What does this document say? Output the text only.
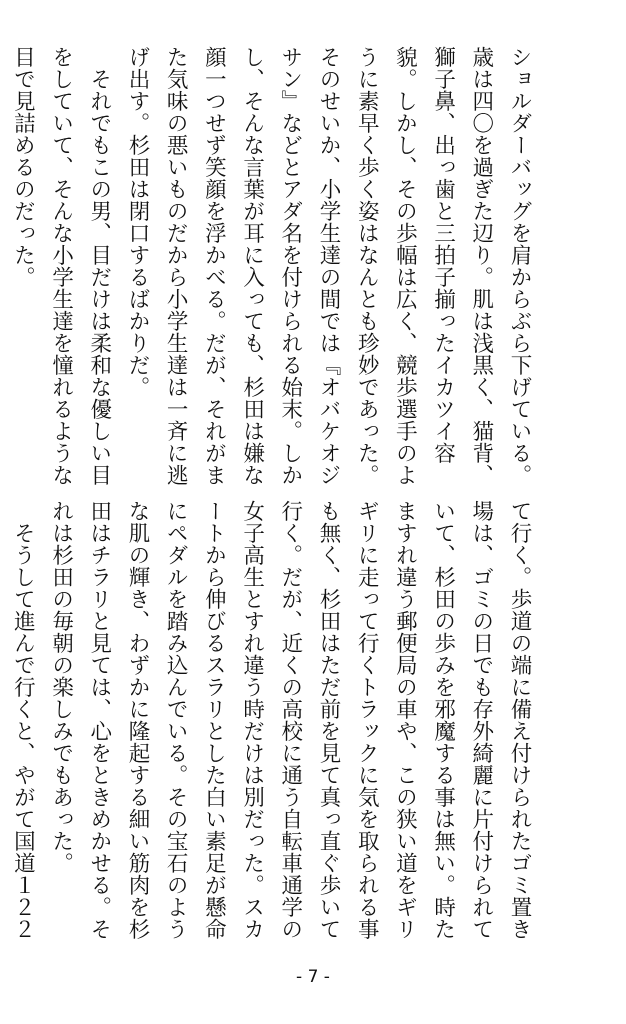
ショルダーバッグを肩からぶら下げている。歳は四〇を過ぎた辺り。肌は浅黒く、猫背、獅子鼻、出っ歯と三拍子揃ったイカツイ容貌。しかし、その歩幅は広く、競歩選手のように素早く歩く姿はなんとも珍妙であった。そのせいか、小学生達の間では『オバケオジサン』などとアダ名を付けられる始末。しかし、そんな言葉が耳に入っても、杉田は嫌な顔一つせず笑顔を浮かべる。だが、それがまた気味の悪いものだから小学生達は一斉に逃げ出す。杉田は閉口するばかりだ。

　それでもこの男、目だけは柔和な優しい目をしていて、そんな小学生達を憧れるような目で見詰めるのだった。

て行く。歩道の端に備え付けられたゴミ置き場は、ゴミの日でも存外綺麗に片付けられていて、杉田の歩みを邪魔する事は無い。時たますれ違う郵便局の車や、この狭い道をギリギリに走って行くトラックに気を取られる事も無く、杉田はただ前を見て真っ直ぐ歩いて行く。だが、近くの高校に通う自転車通学の女子高生とすれ違う時だけは別だった。スカートから伸びるスラリとした白い素足が懸命にペダルを踏み込んでいる。その宝石のような肌の輝き、わずかに隆起する細い筋肉を杉田はチラリと見ては、心をときめかせる。それは杉田の毎朝の楽しみでもあった。

　そうして進んで行くと、やがて国道１２２

- 7 -
